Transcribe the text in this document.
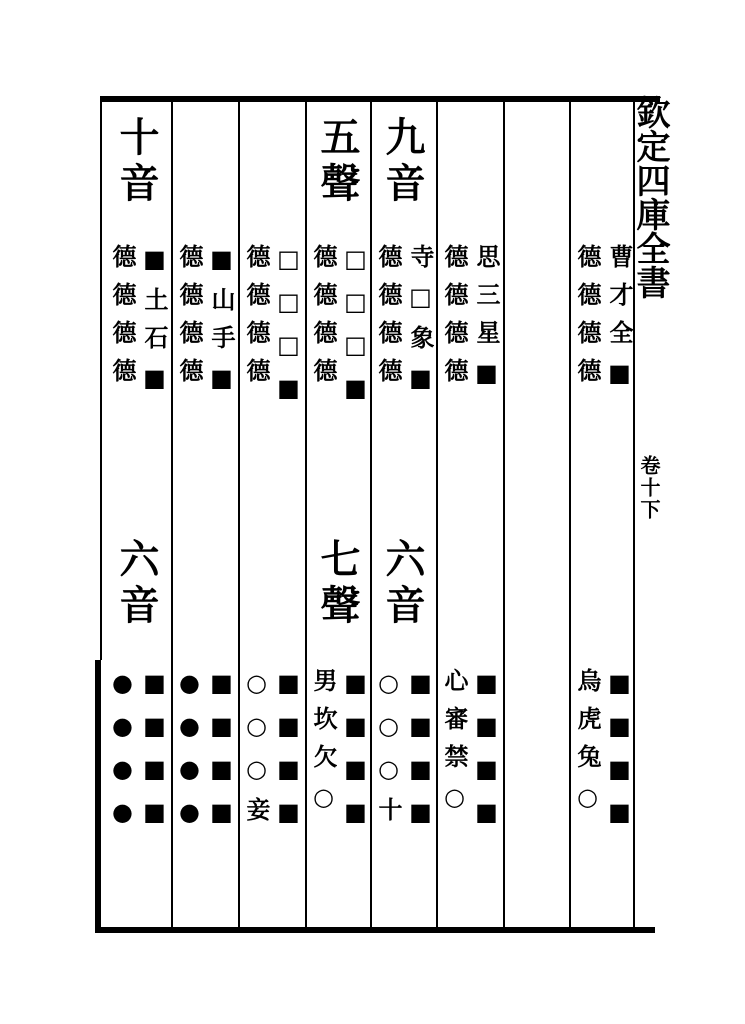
欽定四庫全書
卷十下
曹才全■
德德德德
烏虎兔○ ■■■■
思三星■
德德德德
心審禁○ ■■■■
九音
寺□象■
德德德德
六音
○○○十 ■■■■
五聲
□□□■
德德德德
七聲
男坎欠○ ■■■■
□□□■
德德德德
○○○妾 ■■■■
■山手■
德德德德
●●●● ■■■■
十音
■土石■
德德德德
六音
●●●● ■■■■
